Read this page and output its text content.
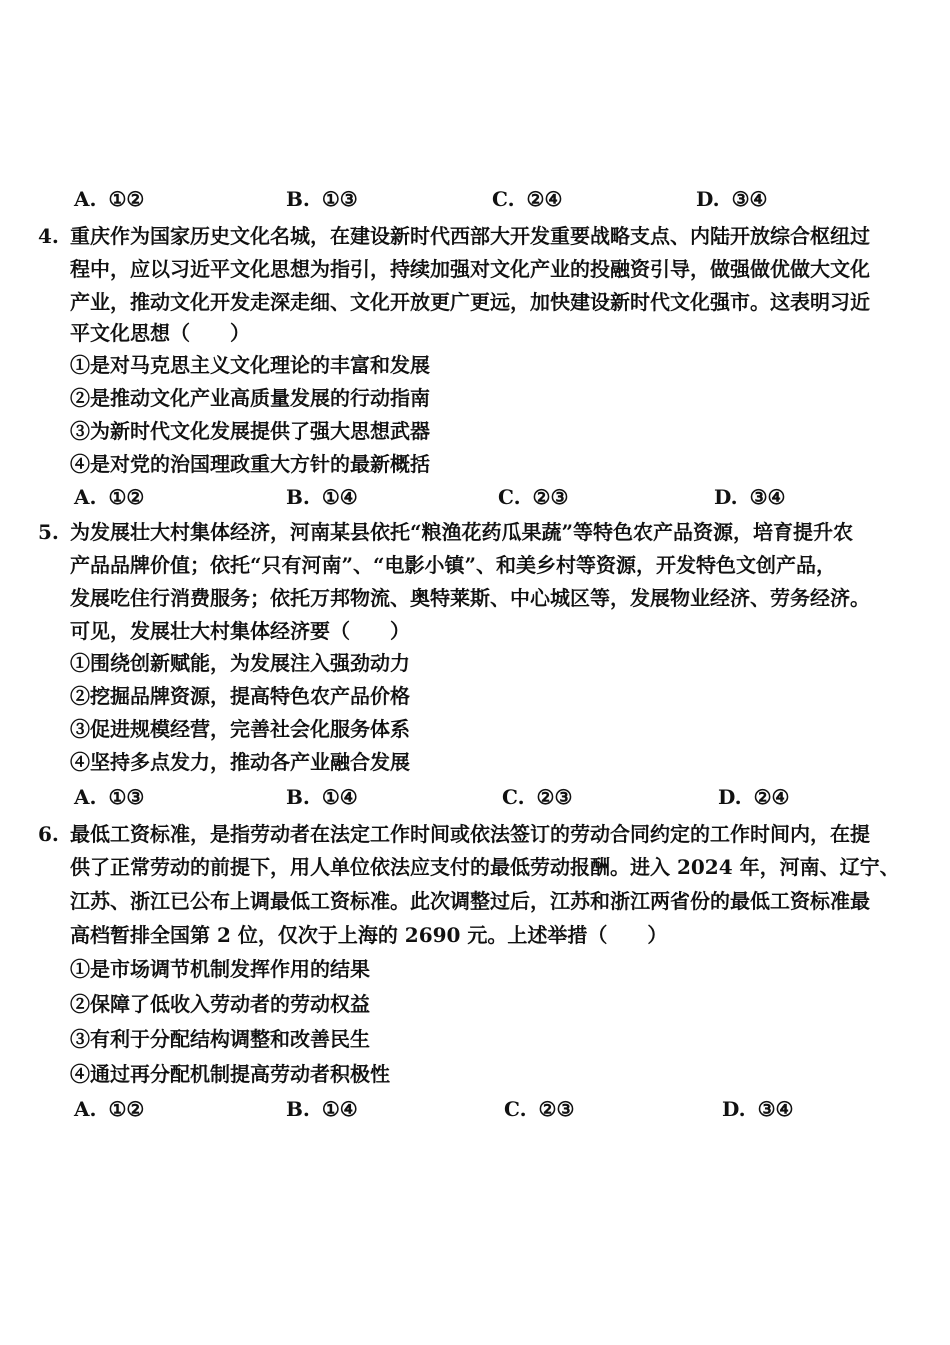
A. ①②	B. ①③	C. ②④	D. ③④
4. 重庆作为国家历史文化名城，在建设新时代西部大开发重要战略支点、内陆开放综合枢纽过
程中，应以习近平文化思想为指引，持续加强对文化产业的投融资引导，做强做优做大文化
产业，推动文化开发走深走细、文化开放更广更远，加快建设新时代文化强市。这表明习近
平文化思想（　　）
①是对马克思主义文化理论的丰富和发展
②是推动文化产业高质量发展的行动指南
③为新时代文化发展提供了强大思想武器
④是对党的治国理政重大方针的最新概括
A. ①②	B. ①④	C. ②③	D. ③④
5. 为发展壮大村集体经济，河南某县依托“粮渔花药瓜果蔬”等特色农产品资源，培育提升农
产品品牌价值；依托“只有河南”、“电影小镇”、和美乡村等资源，开发特色文创产品，
发展吃住行消费服务；依托万邦物流、奥特莱斯、中心城区等，发展物业经济、劳务经济。
可见，发展壮大村集体经济要（　　）
①围绕创新赋能，为发展注入强劲动力
②挖掘品牌资源，提高特色农产品价格
③促进规模经营，完善社会化服务体系
④坚持多点发力，推动各产业融合发展
A. ①③	B. ①④	C. ②③	D. ②④
6. 最低工资标准，是指劳动者在法定工作时间或依法签订的劳动合同约定的工作时间内，在提
供了正常劳动的前提下，用人单位依法应支付的最低劳动报酬。进入 2024 年，河南、辽宁、
江苏、浙江已公布上调最低工资标准。此次调整过后，江苏和浙江两省份的最低工资标准最
高档暂排全国第 2 位，仅次于上海的 2690 元。上述举措（　　）
①是市场调节机制发挥作用的结果
②保障了低收入劳动者的劳动权益
③有利于分配结构调整和改善民生
④通过再分配机制提高劳动者积极性
A. ①②	B. ①④	C. ②③	D. ③④
